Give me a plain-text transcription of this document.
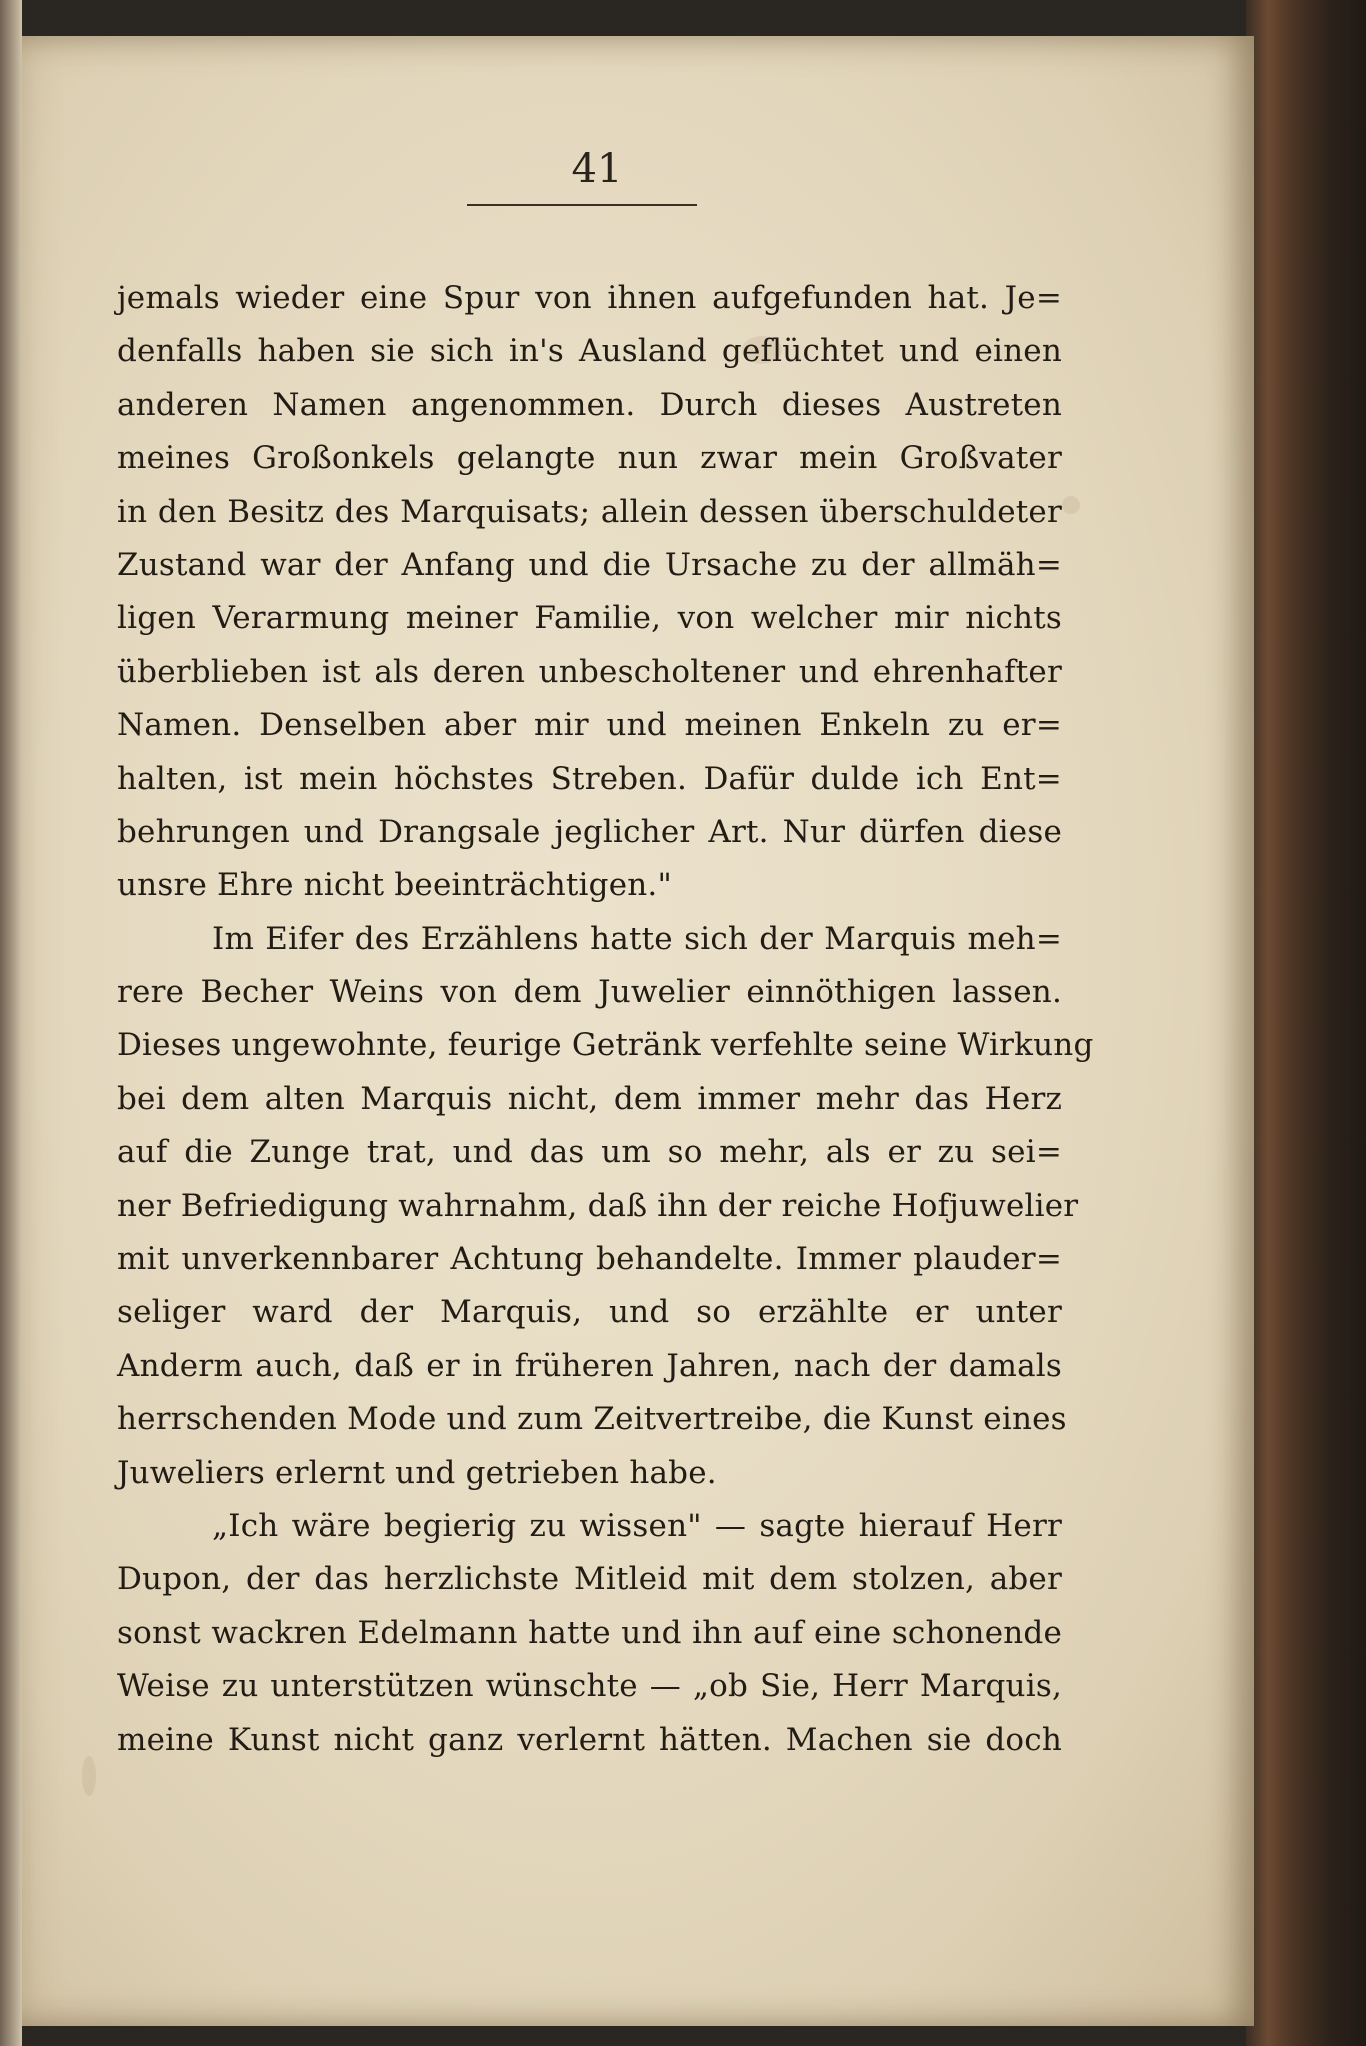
41
jemals wieder eine Spur von ihnen aufgefunden hat. Je=
denfalls haben sie sich in's Ausland geflüchtet und einen
anderen Namen angenommen. Durch dieses Austreten
meines Großonkels gelangte nun zwar mein Großvater
in den Besitz des Marquisats; allein dessen überschuldeter
Zustand war der Anfang und die Ursache zu der allmäh=
ligen Verarmung meiner Familie, von welcher mir nichts
überblieben ist als deren unbescholtener und ehrenhafter
Namen. Denselben aber mir und meinen Enkeln zu er=
halten, ist mein höchstes Streben. Dafür dulde ich Ent=
behrungen und Drangsale jeglicher Art. Nur dürfen diese
unsre Ehre nicht beeinträchtigen."
Im Eifer des Erzählens hatte sich der Marquis meh=
rere Becher Weins von dem Juwelier einnöthigen lassen.
Dieses ungewohnte, feurige Getränk verfehlte seine Wirkung
bei dem alten Marquis nicht, dem immer mehr das Herz
auf die Zunge trat, und das um so mehr, als er zu sei=
ner Befriedigung wahrnahm, daß ihn der reiche Hofjuwelier
mit unverkennbarer Achtung behandelte. Immer plauder=
seliger ward der Marquis, und so erzählte er unter
Anderm auch, daß er in früheren Jahren, nach der damals
herrschenden Mode und zum Zeitvertreibe, die Kunst eines
Juweliers erlernt und getrieben habe.
„Ich wäre begierig zu wissen" — sagte hierauf Herr
Dupon, der das herzlichste Mitleid mit dem stolzen, aber
sonst wackren Edelmann hatte und ihn auf eine schonende
Weise zu unterstützen wünschte — „ob Sie, Herr Marquis,
meine Kunst nicht ganz verlernt hätten. Machen sie doch
